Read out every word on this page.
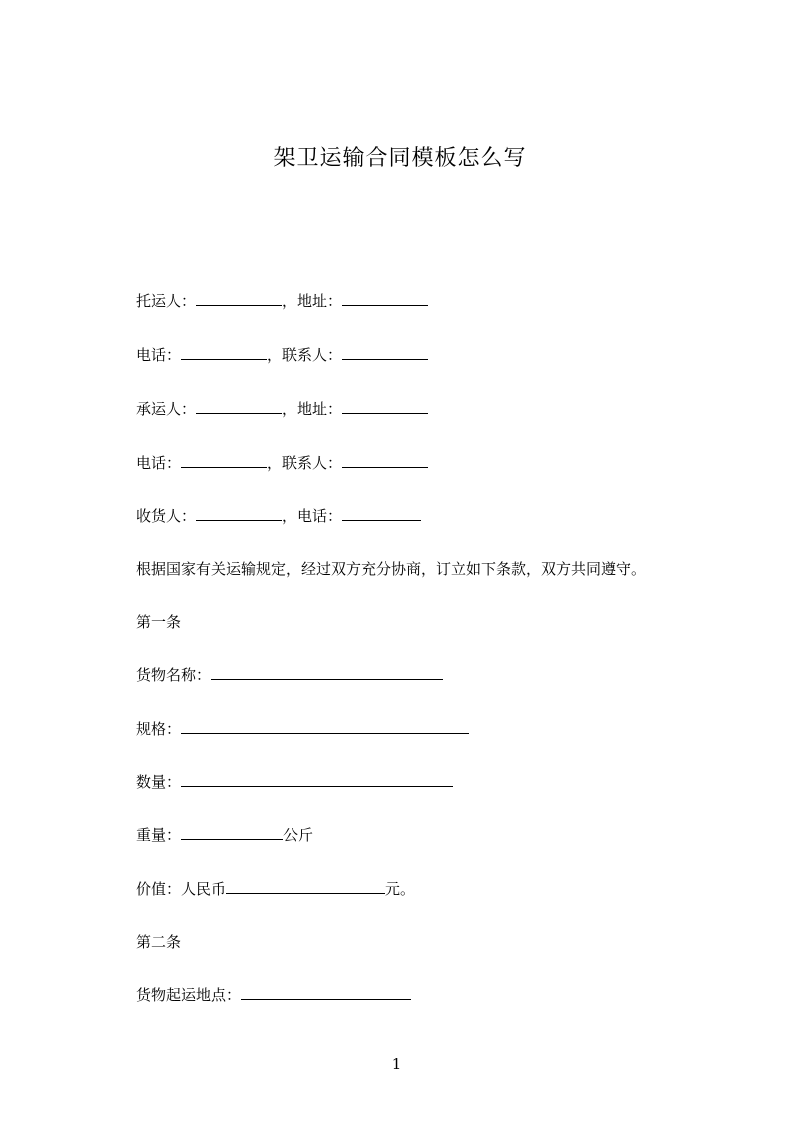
架卫运输合同模板怎么写
托运人：	，地址：
电话：	，联系人：
承运人：	，地址：
电话：	，联系人：
收货人：	，电话：
根据国家有关运输规定，经过双方充分协商，订立如下条款，双方共同遵守。
第一条
货物名称：
规格：
数量：
重量：	公斤
价值：人民币	元。
第二条
货物起运地点：
1
